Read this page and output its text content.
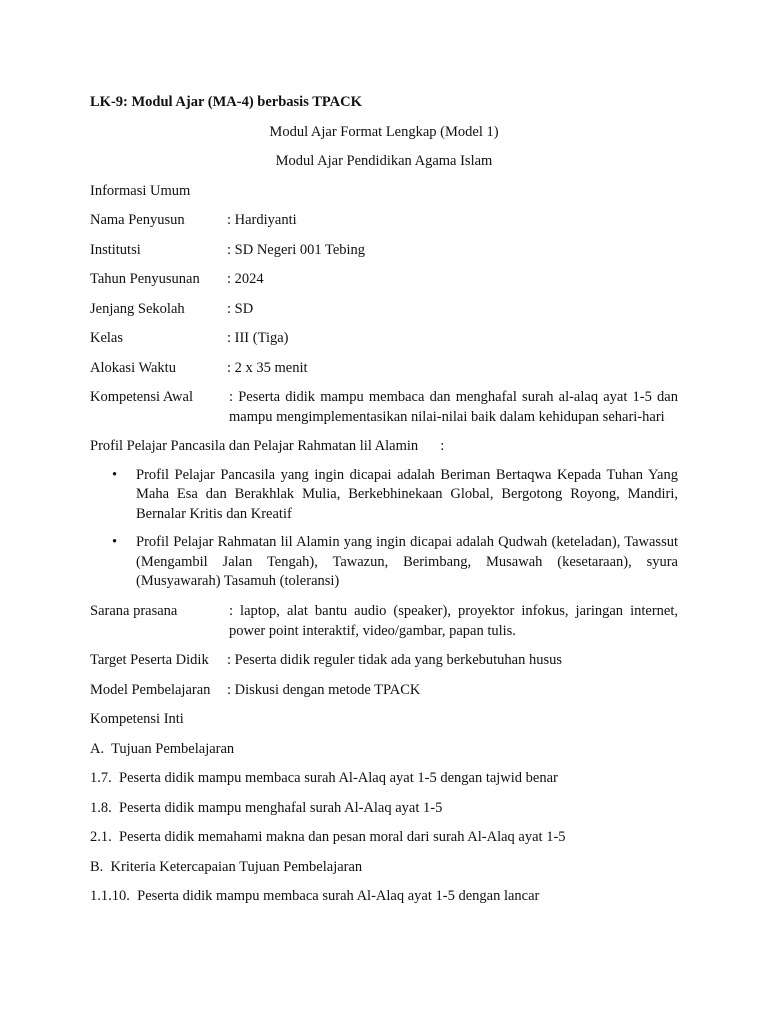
LK-9: Modul Ajar (MA-4) berbasis TPACK
Modul Ajar Format Lengkap (Model 1)
Modul Ajar Pendidikan Agama Islam
Informasi Umum
Nama Penyusun	: Hardiyanti
Institutsi	: SD Negeri 001 Tebing
Tahun Penyusunan	: 2024
Jenjang Sekolah	: SD
Kelas	: III (Tiga)
Alokasi Waktu	: 2 x 35 menit
Kompetensi Awal	: Peserta didik mampu membaca dan menghafal surah al-alaq ayat 1-5 dan mampu mengimplementasikan nilai-nilai baik dalam kehidupan sehari-hari
Profil Pelajar Pancasila dan Pelajar Rahmatan lil Alamin :
• Profil Pelajar Pancasila yang ingin dicapai adalah Beriman Bertaqwa Kepada Tuhan Yang Maha Esa dan Berakhlak Mulia, Berkebhinekaan Global, Bergotong Royong, Mandiri, Bernalar Kritis dan Kreatif
• Profil Pelajar Rahmatan lil Alamin yang ingin dicapai adalah Qudwah (keteladan), Tawassut (Mengambil Jalan Tengah), Tawazun, Berimbang, Musawah (kesetaraan), syura (Musyawarah) Tasamuh (toleransi)
Sarana prasana	: laptop, alat bantu audio (speaker), proyektor infokus, jaringan internet, power point interaktif, video/gambar, papan tulis.
Target Peserta Didik	: Peserta didik reguler tidak ada yang berkebutuhan husus
Model Pembelajaran	: Diskusi dengan metode TPACK
Kompetensi Inti
A.  Tujuan Pembelajaran
1.7.  Peserta didik mampu membaca surah Al-Alaq ayat 1-5 dengan tajwid benar
1.8.  Peserta didik mampu menghafal surah Al-Alaq ayat 1-5
2.1.  Peserta didik memahami makna dan pesan moral dari surah Al-Alaq ayat 1-5
B.  Kriteria Ketercapaian Tujuan Pembelajaran
1.1.10.  Peserta didik mampu membaca surah Al-Alaq ayat 1-5 dengan lancar
